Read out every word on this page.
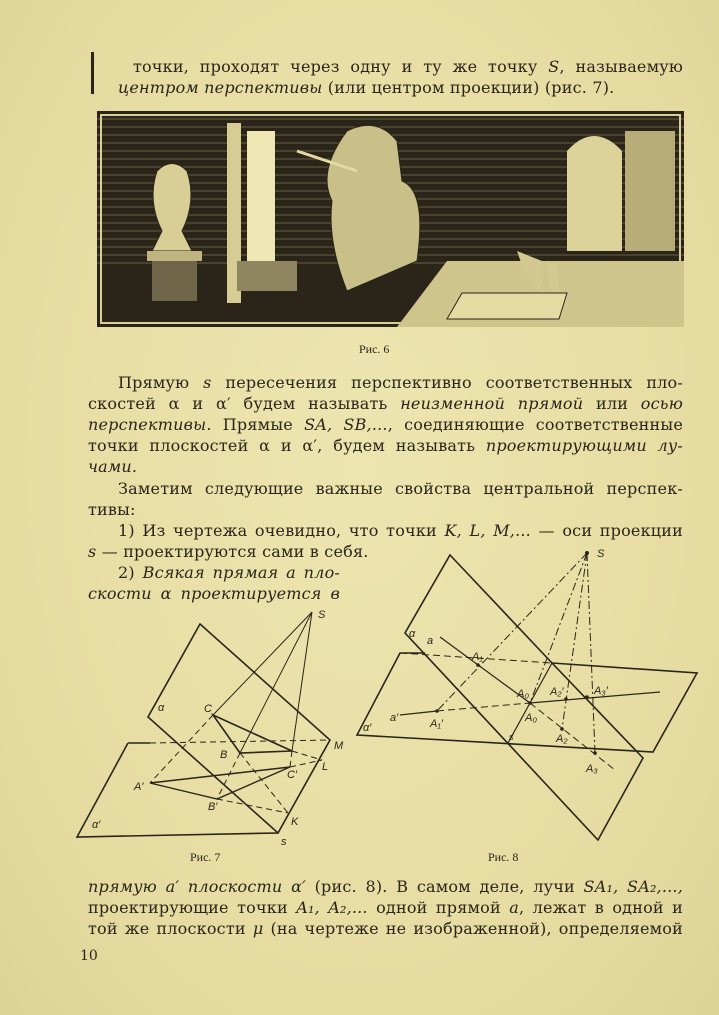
точки, проходят через одну и ту же точку S, называемую
центром перспективы (или центром проекции) (рис. 7).
Рис. 6
Прямую s пересечения перспективно соответственных пло-
скостей α и α′ будем называть неизменной прямой или осью
перспективы. Прямые SA, SB,..., соединяющие соответственные
точки плоскостей α и α′, будем называть проектирующими лу-
чами.
Заметим следующие важные свойства центральной перспек-
тивы:
1) Из чертежа очевидно, что точки K, L, M,... — оси проекции
s — проектируются сами в себя.
2) Всякая прямая a пло-
скости α проектируется в
S
α
α′
C
B
A′
B′
C′
M
L
K
s
S
α
α′
a
a′
A₁
A₀
A₀
A₂
A₃
A₁′
A₂′	A₃′
s
Рис. 7	Рис. 8
прямую a′ плоскости α′ (рис. 8). В самом деле, лучи SA₁, SA₂,...,
проектирующие точки A₁, A₂,... одной прямой a, лежат в одной и
той же плоскости μ (на чертеже не изображенной), определяемой
10
